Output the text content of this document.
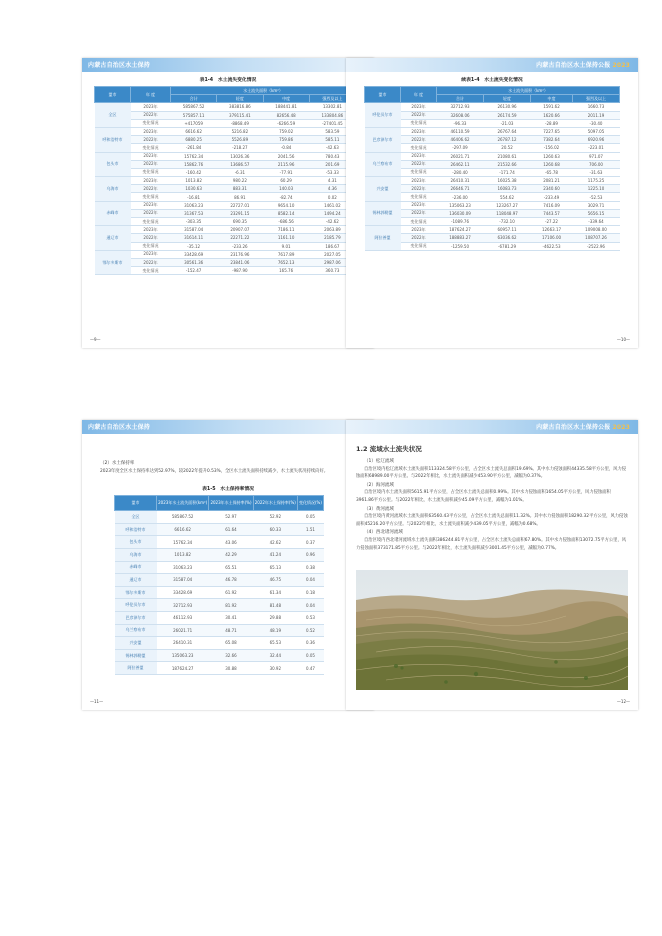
内蒙古自治区水土保持
表1-4　水土流失变化情况
盟市	年 度	水土流失面积（km²）			
		合计	轻度	中度	强烈及以上
全区	2023年	585867.52	383816.86	188441.81	13302.81
	2022年	575857.11	379115.41	82656.48	133804.86
	变化情况	+417059	-8868.49	-6266.59	-27401.45
呼和浩特市	2023年	6616.62	5216.82	759.02	583.59
	2022年	6880.25	5526.89	759.86	585.11
	变化情况	-261.84	-218.27	-0.84	-42.63
包头市	2023年	15762.34	13026.36	2041.56	780.43
	2022年	15862.76	13686.57	2115.96	201.69
	变化情况	-160.42	-6.31	-77.91	-53.33
乌海市	2023年	1013.82	980.22	60.29	4.31
	2022年	1030.63	883.31	140.03	4.36
	变化情况	-16.81	86.91	-82.74	0.02
赤峰市	2023年	31063.23	22727.01	9654.10	1461.02
	2022年	31367.53	23291.15	8582.14	1494.24
	变化情况	-303.35	690.35	-686.56	-42.62
通辽市	2023年	31587.04	20907.07	7186.11	2063.89
	2022年	31614.11	22271.22	1161.10	2185.79
	变化情况	-35.12	-233.26	9.01	186.67
鄂尔多斯市	2023年	33428.69	23176.96	7617.89	2027.05
	2022年	30561.36	23841.06	7652.13	2987.06
	变化情况	-152.47	-987.90	165.76	360.73
—9—
内蒙古自治区水土保持公报 2023
续表1-4　水土流失变化情况
盟市	年 度	水土流失面积（km²）			
		合计	轻度	中度	强烈及以上
呼伦贝尔市	2023年	32712.93	26130.96	1591.62	1660.73
	2022年	32608.06	26174.59	1620.66	2011.19
	变化情况	-96.33	-21.03	-28.89	-30.40
巴彦淖尔市	2023年	46110.59	26767.64	7227.65	5097.05
	2022年	46406.62	26787.12	7382.64	6920.96
	变化情况	-297.09	20.52	-156.02	-223.01
乌兰察布市	2023年	26021.71	21080.61	1260.63	971.07
	2022年	26462.11	21532.66	1260.68	706.00
	变化情况	-280.40	-171.74	-65.78	-31.63
兴安盟	2023年	26410.31	16025.38	2081.21	1175.25
	2022年	26646.71	16083.73	2340.60	1225.10
	变化情况	-236.00	554.62	-233.49	-52.53
锡林郭勒盟	2023年	135063.23	123267.27	7416.09	3029.71
	2022年	136030.09	118048.97	7443.57	5656.15
	变化情况	-1089.76	-732.10	-27.22	-339.64
阿拉善盟	2023年	187624.27	60957.11	12663.17	109008.00
	2022年	188883.27	63036.62	17106.00	108707.26
	变化情况	-1259.50	-6781.29	-4622.53	-2522.96
—10—
内蒙古自治区水土保持
（2）水土保持率

2023年度全区水土保持率达到52.97%，较2022年提升0.53%，全区水土流失面积持续减少，水土流失状况持续向好。

表1-5　水土保持率情况
盟市	2023年水土流失面积(km²)	2023年水土保持率(%)	2022年水土保持率(%)	变化情况(%)
全区	585867.52	52.97	52.92	0.05
呼和浩特市	6616.62	61.64	60.33	1.51
包头市	15762.34	43.06	42.62	0.37
乌海市	1013.82	42.29	41.24	0.96
赤峰市	31063.23	65.51	65.13	0.38
通辽市	31587.04	46.78	46.75	0.04
鄂尔多斯市	33428.69	61.92	61.34	0.18
呼伦贝尔市	32712.93	81.92	81.48	0.04
巴彦淖尔市	46112.93	30.41	29.88	0.53
乌兰察布市	26021.71	48.71	48.19	0.52
兴安盟	26410.31	65.08	65.53	0.36
锡林郭勒盟	135063.23	32.66	32.44	0.05
阿拉善盟	187624.27	30.88	30.92	0.47
—11—
内蒙古自治区水土保持公报 2023
1.2 流域水土流失状况
（1）松辽流域

自治区境内松辽流域水土流失面积113324.58平方公里，占全区水土流失总面积19.69%。其中水力侵蚀面积44335.58平方公里，风力侵蚀面积68989.00平方公里。与2022年相比，水土流失面积减少453.90平方公里，减幅为0.37%。

（2）海河流域

自治区境内水土流失面积5615.91平方公里，占全区水土流失总面积0.99%。其中水力侵蚀面积1654.05平方公里，风力侵蚀面积3961.86平方公里。与2022年相比，水土流失面积减少45.09平方公里，减幅为1.01%。

（3）黄河流域

自治区境内黄河流域水土流失面积63560.43平方公里，占全区水土流失总面积11.32%。其中水力侵蚀面积18290.32平方公里，风力侵蚀面积45216.20平方公里。与2022年相比，水土流失面积减少439.05平方公里，减幅为0.68%。

（4）西北诸河流域

自治区境内西北诸河流域水土流失面积386244.81平方公里，占全区水土流失总面积67.80%。其中水力侵蚀面积13072.75平方公里，风力侵蚀面积373171.85平方公里。与2022年相比，水土流失面积减少3001.45平方公里，减幅为0.77%。

—12—
